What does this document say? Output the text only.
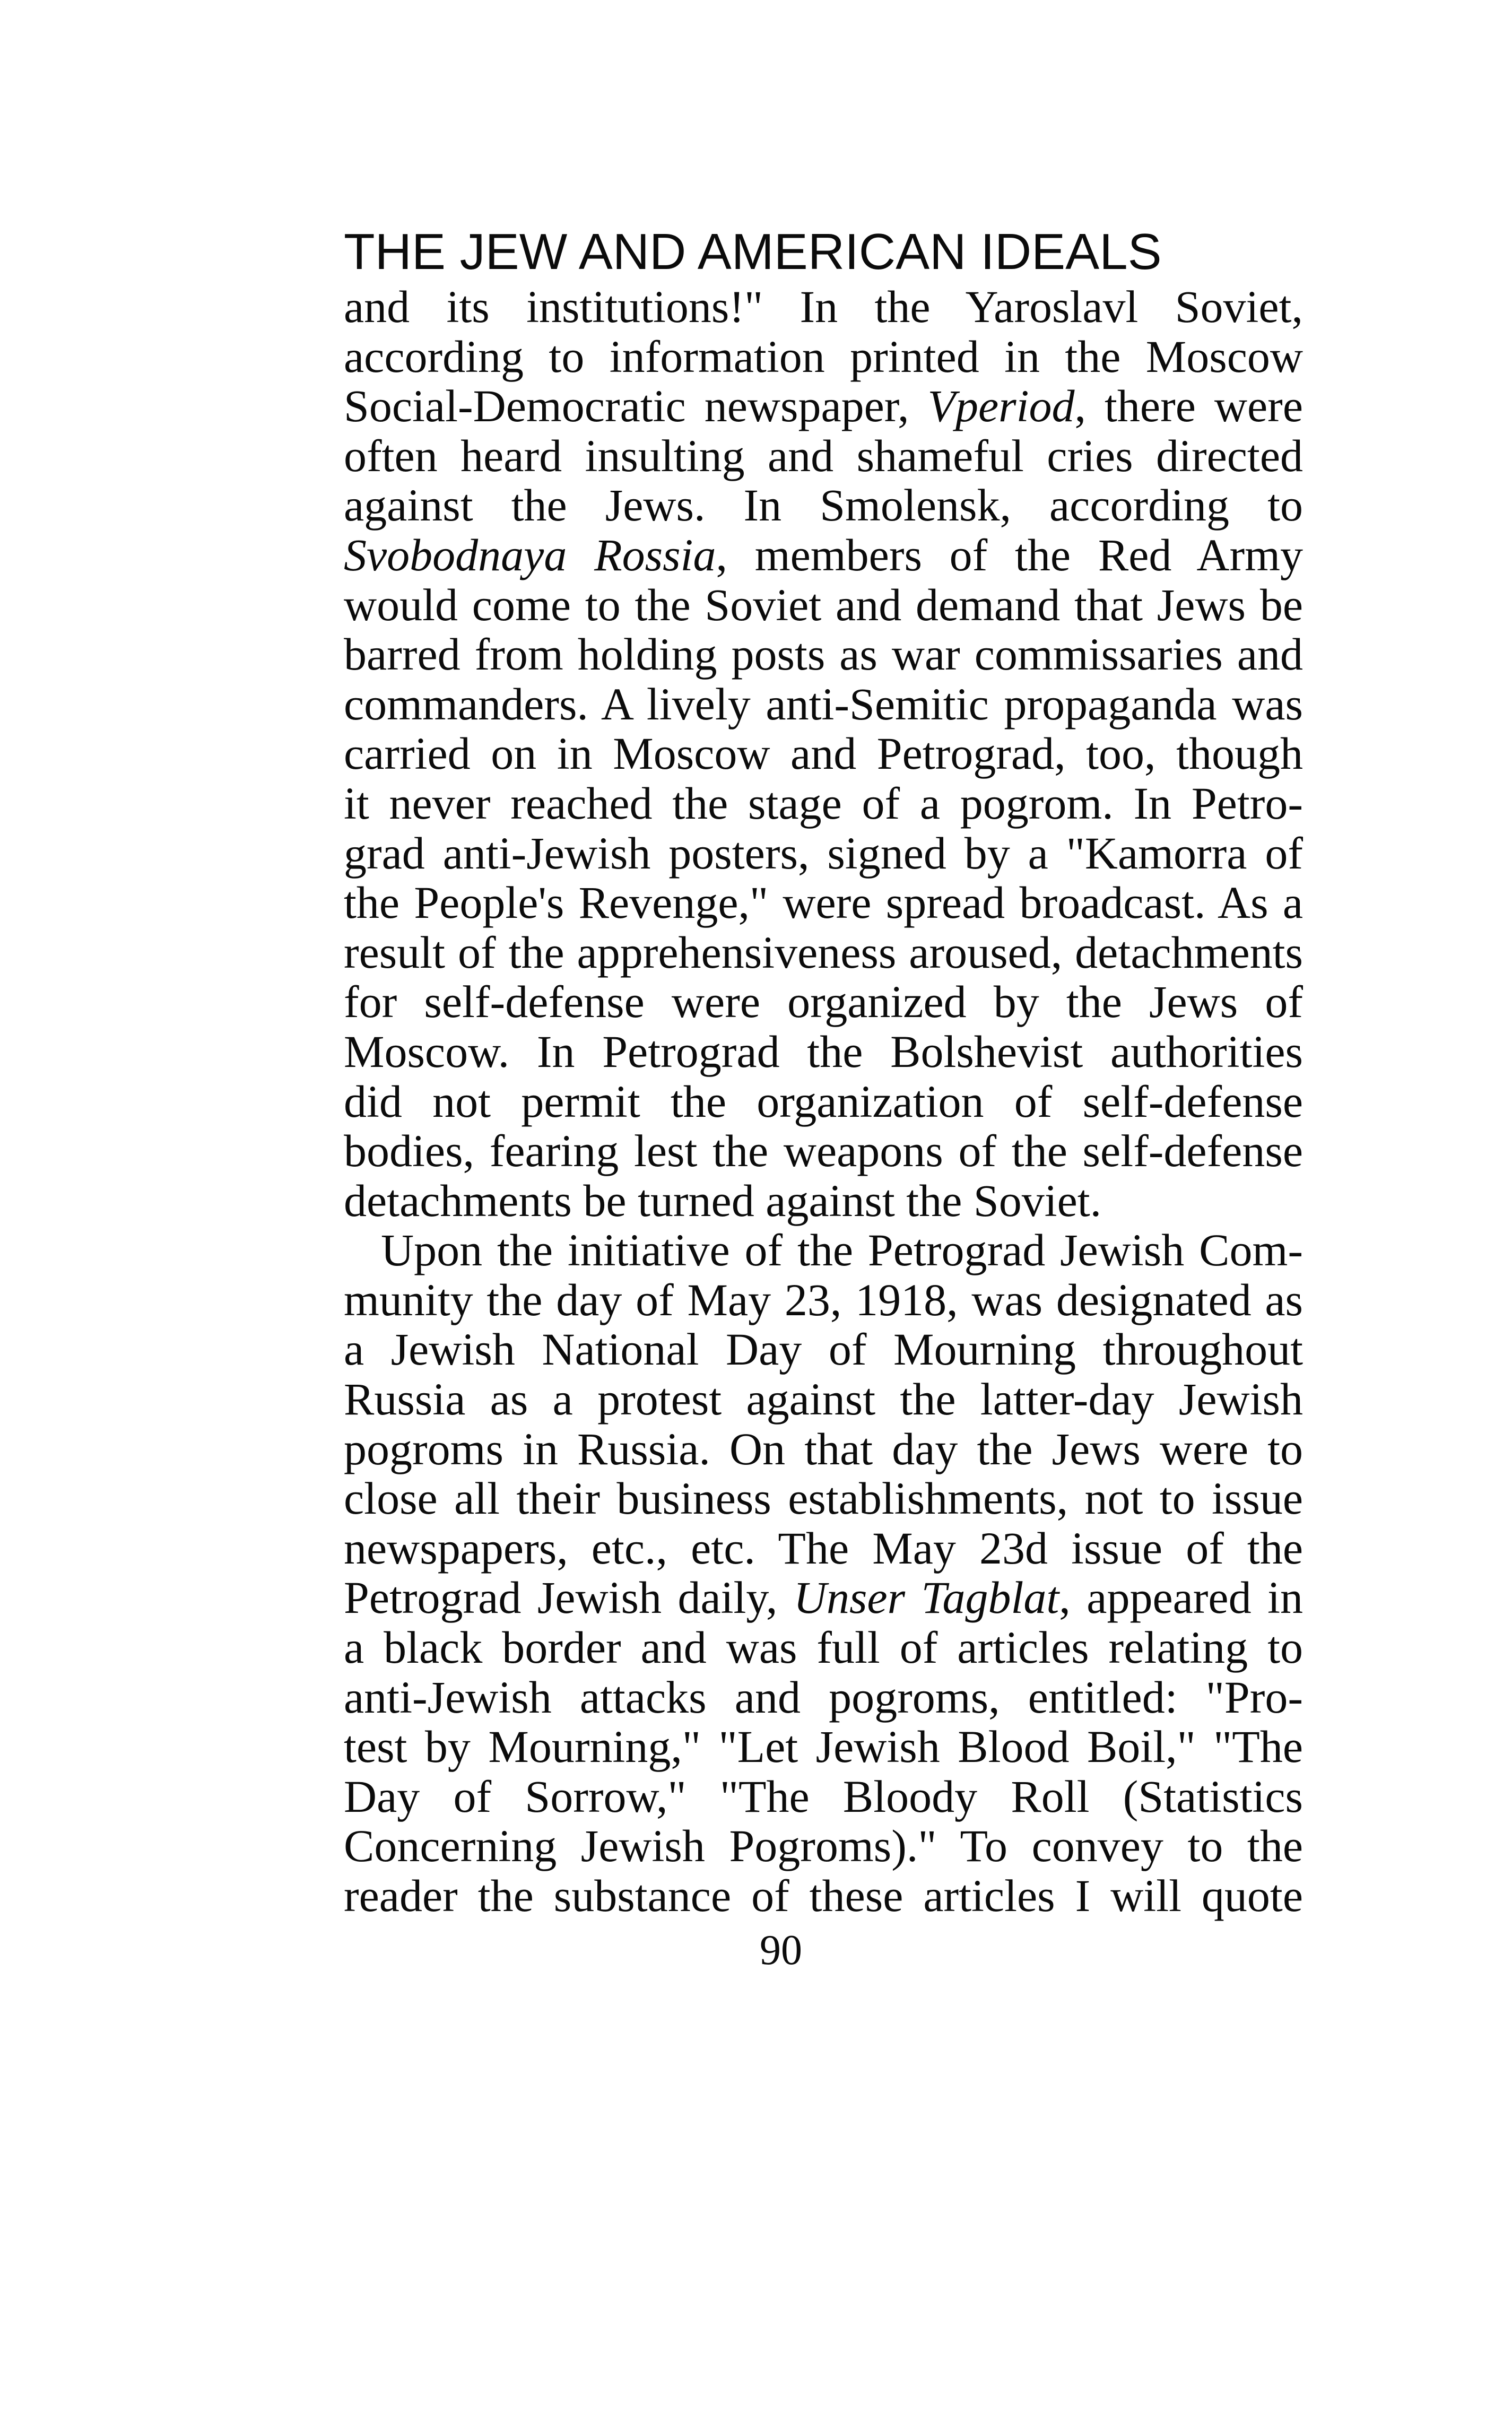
THE JEW AND AMERICAN IDEALS
and its institutions!" In the Yaroslavl Soviet,
according to information printed in the Moscow
Social-Democratic newspaper, Vperiod, there were
often heard insulting and shameful cries directed
against the Jews. In Smolensk, according to
Svobodnaya Rossia, members of the Red Army
would come to the Soviet and demand that Jews be
barred from holding posts as war commissaries and
commanders. A lively anti-Semitic propaganda was
carried on in Moscow and Petrograd, too, though
it never reached the stage of a pogrom. In Petro-
grad anti-Jewish posters, signed by a "Kamorra of
the People's Revenge," were spread broadcast. As a
result of the apprehensiveness aroused, detachments
for self-defense were organized by the Jews of
Moscow. In Petrograd the Bolshevist authorities
did not permit the organization of self-defense
bodies, fearing lest the weapons of the self-defense
detachments be turned against the Soviet.
Upon the initiative of the Petrograd Jewish Com-
munity the day of May 23, 1918, was designated as
a Jewish National Day of Mourning throughout
Russia as a protest against the latter-day Jewish
pogroms in Russia. On that day the Jews were to
close all their business establishments, not to issue
newspapers, etc., etc. The May 23d issue of the
Petrograd Jewish daily, Unser Tagblat, appeared in
a black border and was full of articles relating to
anti-Jewish attacks and pogroms, entitled: "Pro-
test by Mourning," "Let Jewish Blood Boil," "The
Day of Sorrow," "The Bloody Roll (Statistics
Concerning Jewish Pogroms)." To convey to the
reader the substance of these articles I will quote
90
